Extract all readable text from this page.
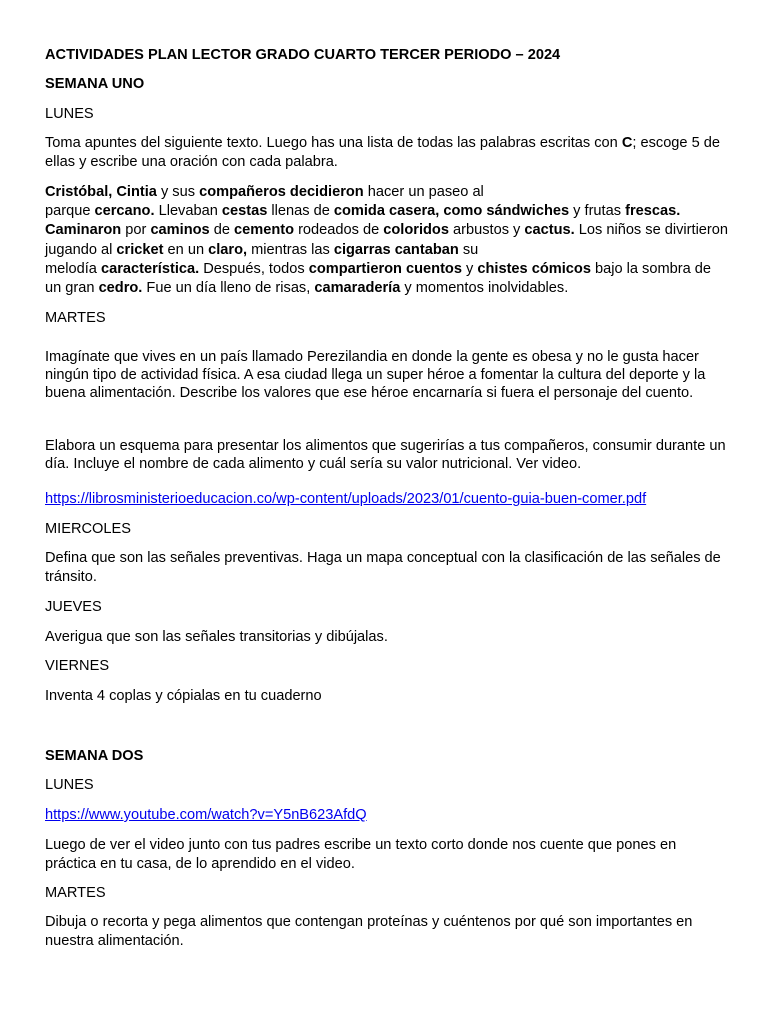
ACTIVIDADES PLAN LECTOR GRADO CUARTO TERCER PERIODO – 2024

SEMANA UNO

LUNES

Toma apuntes del siguiente texto. Luego has una lista de todas las palabras escritas con C; escoge 5 de ellas y escribe una oración con cada palabra.

Cristóbal, Cintia y sus compañeros decidieron hacer un paseo al
parque cercano. Llevaban cestas llenas de comida casera, como sándwiches y frutas frescas.
Caminaron por caminos de cemento rodeados de coloridos arbustos y cactus. Los niños se divirtieron jugando al cricket en un claro, mientras las cigarras cantaban su
melodía característica. Después, todos compartieron cuentos y chistes cómicos bajo la sombra de un gran cedro. Fue un día lleno de risas, camaradería y momentos inolvidables.

MARTES

Imagínate que vives en un país llamado Perezilandia en donde la gente es obesa y no le gusta hacer ningún tipo de actividad física. A esa ciudad llega un super héroe a fomentar la cultura del deporte y la buena alimentación. Describe los valores que ese héroe encarnaría si fuera el personaje del cuento.

Elabora un esquema para presentar los alimentos que sugerirías a tus compañeros, consumir durante un día. Incluye el nombre de cada alimento y cuál sería su valor nutricional. Ver video.

https://librosministerioeducacion.co/wp-content/uploads/2023/01/cuento-guia-buen-comer.pdf

MIERCOLES

Defina que son las señales preventivas. Haga un mapa conceptual con la clasificación de las señales de tránsito.

JUEVES

Averigua que son las señales transitorias y dibújalas.

VIERNES

Inventa 4 coplas y cópialas en tu cuaderno

SEMANA DOS

LUNES

https://www.youtube.com/watch?v=Y5nB623AfdQ

Luego de ver el video junto con tus padres escribe un texto corto donde nos cuente que pones en práctica en tu casa, de lo aprendido en el video.

MARTES

Dibuja o recorta y pega alimentos que contengan proteínas y cuéntenos por qué son importantes en nuestra alimentación.
